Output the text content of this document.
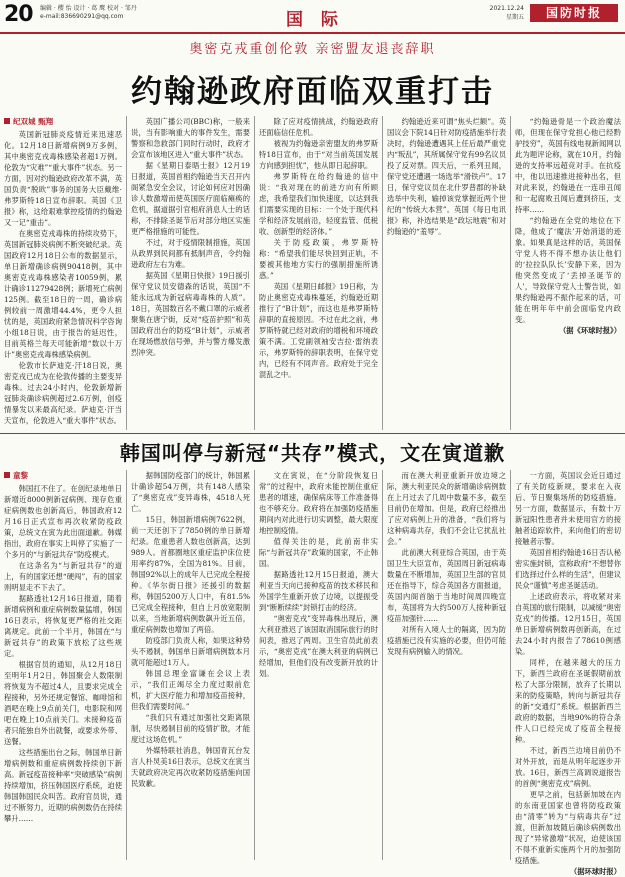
20 编辑 · 樱 怡 设计 · 葛 鹰 校对 · 邹丹
e-mail:836690291@qq.com	国 际
2021.12.24
星期五	国防时报
奥密克戎重创伦敦 亲密盟友退丧辞职
约翰逊政府面临双重打击

纪双城 甄翔

英国新冠肺炎疫情近来迅速恶化。12月18日新增病例9万多例，其中奥密克戎毒株感染者超1万例。伦敦为“灾难”“重大事件”状态。另一方面，因对约翰逊政府改革不满，英国负责“脱欧”事务的国务大臣戴维·弗罗斯特18日宣布辞职。英国《卫报》称，这给艰难掌控疫情的约翰逊又一记“重击”。

在奥密克戎毒株的持续攻势下，英国新冠肺炎病例不断突破纪录。英国政府12月18日公布的数据显示，单日新增确诊病例90418例，其中奥密克戎毒株感染者10059例，累计确诊11279428例；新增死亡病例125例。截至18日的一周，确诊病例较前一周激增44.4%，更令人担忧的是，英国政府紧急情况科学咨询小组18日说，由于报告的延迟性，目前英格兰每天可能新增“数以十万计”奥密克戎毒株感染病例。

伦敦市长萨迪克·汗18日说，奥密克戎已成为在伦敦传播的主要变异毒株。过去24小时内，伦敦新增新冠肺炎确诊病例超过2.6万例，创疫情暴发以来最高纪录。萨迪克·汗当天宣布，伦敦进入“重大事件”状态。

英国广播公司(BBC)称，一般来说，当有影响重大的事件发生，需要警察和急救部门同时行动时，政府才会宣布该地区进入“重大事件”状态。

据《星期日泰晤士报》12月19日报道，英国首相约翰逊当天召开内阁紧急安全会议，讨论如何应对因确诊人数激增而使英国医疗面临瘫痪的危机，据道据引官相府消息人士的话称，不排除圣诞节后对部分地区实施更严格措施的可能性。

不过，对于疫情限制措施，英国从政界到民间都有抵制声音，令约翰逊政府左右为难。

据英国《星期日快报》19日援引保守党议员安德森的话说，英国“不能永远成为新冠病毒毒株的人质”。18日，英国数百名不戴口罩的示威者聚集在唐宁街，反对“疫苗护照”和英国政府出台的防疫“B计划”，示威者在现场燃放信号弹，并与警方爆发激烈冲突。

除了应对疫情挑战，约翰逊政府还面临信任危机。

被视为约翰逊亲密盟友的弗罗斯特18日宣布，由于“对当前英国发展方向感到担忧”，他从即日起辞职。

弗罗斯特在给约翰逊的信中说：“我对现在的前进方向有所顾虑，我希望我们加快速度，以达到我们需要实现的目标：一个处于现代科学和经济发展前沿，轻度监管、低税收、创新型的经济体。”

关于防疫政策，弗罗斯特称：“希望我们能尽快回到正轨，不要被其他地方实行的强制措施所诱惑。”

英国《星期日邮报》19日称，为防止奥密克戎毒株蔓延，约翰逊近期推行了“B计划”，而这也是弗罗斯特辞职的直接原因。不过在此之前，弗罗斯特就已经对政府的增税和环境政策不满。工党副领袖安吉拉·雷纳表示，弗罗斯特的辞职表明，在保守党内，已经有不同声音。政府处于完全混乱之中。

约翰逊近来可谓“焦头烂额”。英国议会下院14日针对防疫措施举行表决时，约翰逊遭遇其上任后最严重党内“叛乱”，其所属保守党有99名议员投了反对票。四天后，一系列丑闻，保守党还遭遇一场选举“滑铁卢”。17日，保守党议员在北什罗普郡的补缺选举中失利，输掉该党掌握近两个世纪的“传统大本营”。英国《每日电讯报》称，补选结果是“政坛地震”和对约翰逊的“羞辱”。

“约翰逊骨是一个政治魔法师，但现在保守党担心他已经黔驴技穷”，英国有线电视新闻网以此为题评论称，就在10月，约翰逊的支持率远超竞对手。在抗疫中，他以迅速推进接种出名，但对此来说，约翰逊在一连串丑闻和一起腐败丑闻后遭到挤压，支持率……

“约翰逊在全党的地位在下降，他成了‘魔法’开始消退的迹象。如果真是这样的话，英国保守党人将不得不想办法让他们的‘拉拉队队长’安静下来，因为他突然变成了‘丢掉圣诞节的人’，导致保守党人士警告说，如果约翰逊再不振作起来的话，可能在明年年中前会面临党内政变。

（据《环球时报》）

韩国叫停与新冠“共存”模式，文在寅道歉

童黎

韩国扛不住了。在创纪录地单日新增近8000例新冠病例、现存危重症病例数也创新高后，韩国政府12月16日正式宣布再次收紧防疫政策，总统文在寅为此出面道歉。韩媒指出，政府在事实上叫停了实施了一个多月的“与新冠共存”防疫模式。

在这条名为“与新冠共存”的道上，有的国家还想“硬闯”，有的国家则明显走不下去了。

据路透社12月16日报道，随着新增病例和重症病例数量猛增，韩国16日表示，将恢复更严格的社交距离规定。此前一个半月，韩国在“与新冠共存”的政策下放松了这些规定。

根据官员的通知，从12月18日至明年1月2日，韩国聚会人数限制将恢复为不超过4人，且要求完成全程接种，另外还规定餐馆、咖啡馆和酒吧在晚上9点前关门，电影院和网吧在晚上10点前关门。未接种疫苗者只能独自外出就餐，或要求外带、送餐。

这些措施出台之际，韩国单日新增病例数和重症病例数持续创下新高。新冠疫苗接种率“突破感染”病例持续增加，挤压韩国医疗系统，迫使韩国韩国民众叫苦。政府官员说，通过不断努力，近期的病例数仍在持续攀升……

据韩国防疫部门的统计，韩国累计确诊超54万例，共有148人感染了“奥密克戎”变异毒株，4518人死亡。

15日，韩国新增病例7622例，前一天还创下了7850例的单日新增纪录。危重患者人数也创新高，达到989人。首都圈地区重症监护床位使用率约87%，全国为81%。目前，韩国92%以上的成年人已完成全程接种。《华尔街日报》还援引的数据称，韩国5200万人口中，有81.5%已完成全程接种，但自上月放宽限制以来，当地新增病例数飙升近五倍，重症病例数也增加了两倍。

防疫部门负责人称，如果这种势头不遏制，韩国单日新增病例数本月就可能超过1万人。

韩国总理金富谦在会议上表示，“我们正竭尽全力度过眼前危机，扩大医疗能力和增加疫苗接种，但我们需要时间。”

“我们只有通过加强社交距离限制，尽快遏制目前的疫情扩散，才能度过这场危机。”

外媒特联社消息，韩国青瓦台发言人朴炅美16日表示，总统文在寅当天就政府决定再次收紧防疫措施向国民致歉。

文在寅说，在“分阶段恢复日常”的过程中，政府未能控制住重症患者的增速，确保病床等工作准备得也不够充分。政府将在加强防疫措施期间内对此进行切实调整，最大限度地控制疫情。

值得关注的是，此前南非实际“与新冠共存”政策的国家，不止韩国。

据路透社12月15日报道，澳大利亚当天向已接种疫苗的技术移民和外国学生重新开放了边境，以提振受到“断断续续”封锁打击的经济。

“奥密克戎”变异毒株出现后，澳大利亚推迟了该国取消国际旅行的时间表，推迟了两周。卫生官员此前表示，“奥密克戎”在澳大利亚的病例已经增加，但他们没有改变新开放的计划。

而在澳大利亚重新开放边境之际，澳大利亚民众的新增确诊病例数在上月过去了几周中数量不多，截至目前仍在增加。但是，政府已经推出了应对病例上升的准备，“我们将与这种病毒共存，我们不会让它扰乱社会。”

此前澳大利亚综合英国，由于英国卫生大臣宣布，英国周日新冠病毒数量在不断增加，英国卫生部的官员还在指导下，综合英国各方面报道，英国内阁首脑于当地时间周四晚宣布，英国将为大约500万人接种新冠疫苗加强针……

对所有入境人士的隔离，因为防疫措施已没有实施的必要，但仍可能发现有病例输入的情况。

一方面，英国议会近日通过了有关防疫新规，要求在入夜后、节日聚集场所的防疫措施。另一方面，数据显示，有数十万新冠阳性患者并未使用官方的接触者追踪软件，来向他们的密切接触者示警。

英国首相约翰逊16日否认秘密实施封锁，宣称政府“不想替你们选择过什么样的生活”，但建议民众“谨慎”考虑圣诞活动。

上述政府表示，将收紧对来自英国的旅行限制，以减缓“奥密克戎”的传播。12月15日，英国单日新增病例数再创新高，在过去24小时内报告了78610例感染。

同样，在越来越大的压力下，新西兰政府在圣诞假期前放松了大部分限制，放弃了长期以来的防疫策略，转向与新冠共存的新“交通灯”系统。根据新西兰政府的数据，当地90%的符合条件人口已经完成了疫苗全程接种。

不过，新西兰边境目前仍不对外开放，而是从明年起逐步开放。16日，新西兰高调说道报告的首例“奥密克戎”病例。

更早之前，包括新加坡在内的东南亚国家也曾将防疫政策由“清零”转为“与病毒共存”过渡，但新加坡随后确诊病例数出现了“异常激增”状况，迫使该国不得不重新实施两个月的加强防疫措施。

（据环球时报）
